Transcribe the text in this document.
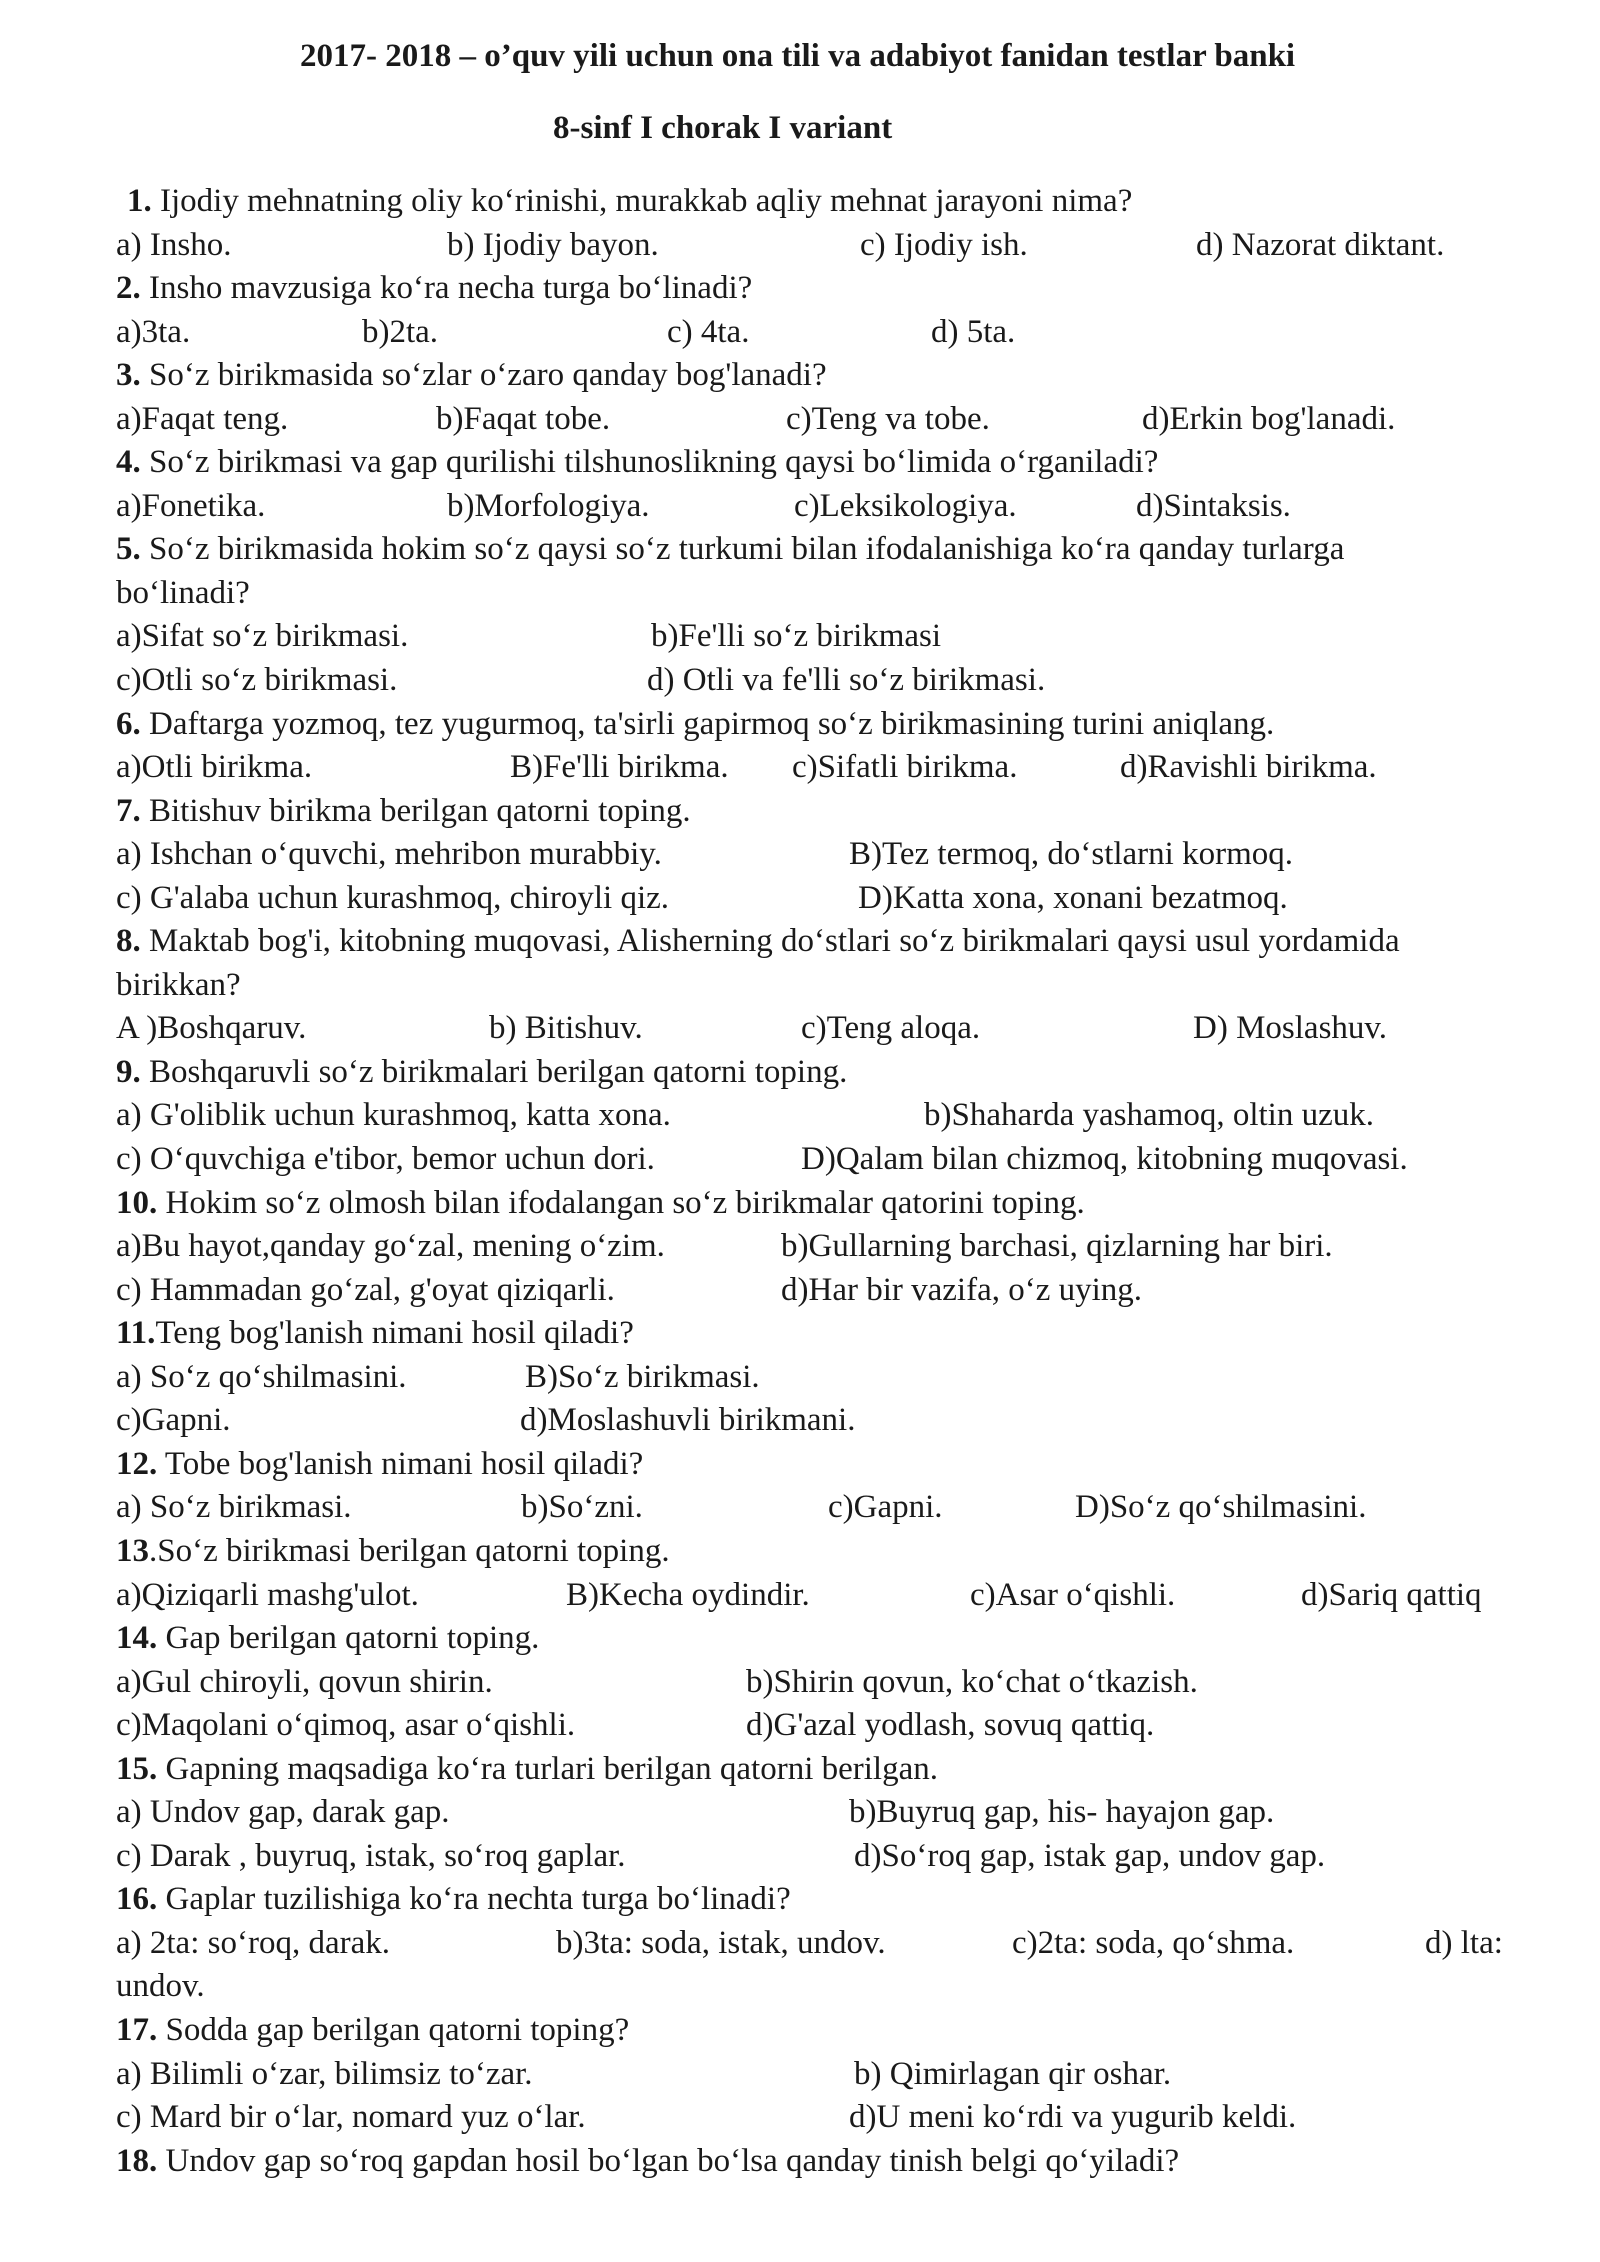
2017- 2018 – o’quv yili uchun ona tili va adabiyot fanidan testlar banki
8-sinf I chorak I variant
1. Ijodiy mehnatning oliy ko‘rinishi, murakkab aqliy mehnat jarayoni nima?
a) Insho.	b) Ijodiy bayon.	c) Ijodiy ish.	d) Nazorat diktant.
2. Insho mavzusiga ko‘ra necha turga bo‘linadi?
a)3ta.	b)2ta.	c) 4ta.	d) 5ta.
3. So‘z birikmasida so‘zlar o‘zaro qanday bog'lanadi?
a)Faqat teng.	b)Faqat tobe.	c)Teng va tobe.	d)Erkin bog'lanadi.
4. So‘z birikmasi va gap qurilishi tilshunoslikning qaysi bo‘limida o‘rganiladi?
a)Fonetika.	b)Morfologiya.	c)Leksikologiya.	d)Sintaksis.
5. So‘z birikmasida hokim so‘z qaysi so‘z turkumi bilan ifodalanishiga ko‘ra qanday turlarga bo‘linadi?
a)Sifat so‘z birikmasi.	b)Fe'lli so‘z birikmasi
c)Otli so‘z birikmasi.	d) Otli va fe'lli so‘z birikmasi.
6. Daftarga yozmoq, tez yugurmoq, ta'sirli gapirmoq so‘z birikmasining turini aniqlang.
a)Otli birikma.	B)Fe'lli birikma. c)Sifatli birikma.	d)Ravishli birikma.
7. Bitishuv birikma berilgan qatorni toping.
a) Ishchan o‘quvchi, mehribon murabbiy.	B)Tez termoq, do‘stlarni kormoq.
c) G'alaba uchun kurashmoq, chiroyli qiz.	D)Katta xona, xonani bezatmoq.
8. Maktab bog'i, kitobning muqovasi, Alisherning do‘stlari so‘z birikmalari qaysi usul yordamida birikkan?
A )Boshqaruv.	b) Bitishuv.	c)Teng aloqa.	D) Moslashuv.
9. Boshqaruvli so‘z birikmalari berilgan qatorni toping.
a) G'oliblik uchun kurashmoq, katta xona.	b)Shaharda yashamoq, oltin uzuk.
c) O‘quvchiga e'tibor, bemor uchun dori.	D)Qalam bilan chizmoq, kitobning muqovasi.
10. Hokim so‘z olmosh bilan ifodalangan so‘z birikmalar qatorini toping.
a)Bu hayot,qanday go‘zal, mening o‘zim.	b)Gullarning barchasi, qizlarning har biri.
c) Hammadan go‘zal, g'oyat qiziqarli.	d)Har bir vazifa, o‘z uying.
11.Teng bog'lanish nimani hosil qiladi?
a) So‘z qo‘shilmasini.	B)So‘z birikmasi.
c)Gapni.	d)Moslashuvli birikmani.
12. Tobe bog'lanish nimani hosil qiladi?
a) So‘z birikmasi.	b)So‘zni.	c)Gapni.	D)So‘z qo‘shilmasini.
13.So‘z birikmasi berilgan qatorni toping.
a)Qiziqarli mashg'ulot.	B)Kecha oydindir.	c)Asar o‘qishli.	d)Sariq qattiq
14. Gap berilgan qatorni toping.
a)Gul chiroyli, qovun shirin.	b)Shirin qovun, ko‘chat o‘tkazish.
c)Maqolani o‘qimoq, asar o‘qishli.	d)G'azal yodlash, sovuq qattiq.
15. Gapning maqsadiga ko‘ra turlari berilgan qatorni berilgan.
a) Undov gap, darak gap.	b)Buyruq gap, his- hayajon gap.
c) Darak , buyruq, istak, so‘roq gaplar.	d)So‘roq gap, istak gap, undov gap.
16. Gaplar tuzilishiga ko‘ra nechta turga bo‘linadi?
a) 2ta: so‘roq, darak.	b)3ta: soda, istak, undov.	c)2ta: soda, qo‘shma.	d) lta:
undov.
17. Sodda gap berilgan qatorni toping?
a) Bilimli o‘zar, bilimsiz to‘zar.	b) Qimirlagan qir oshar.
c) Mard bir o‘lar, nomard yuz o‘lar.	d)U meni ko‘rdi va yugurib keldi.
18. Undov gap so‘roq gapdan hosil bo‘lgan bo‘lsa qanday tinish belgi qo‘yiladi?
